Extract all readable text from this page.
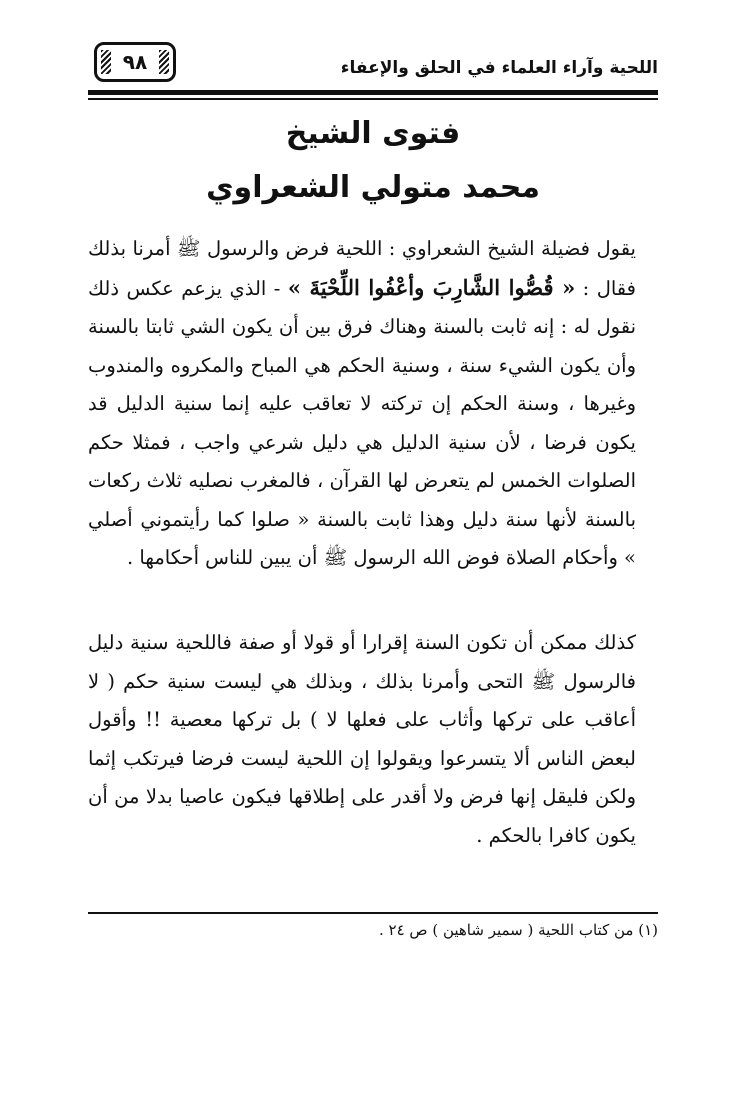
٩٨	اللحية وآراء العلماء في الحلق والإعفاء
فتوى الشيخ
محمد متولي الشعراوي

يقول فضيلة الشيخ الشعراوي : اللحية فرض والرسول ﷺ أمرنا بذلك فقال : « قُصُّوا الشَّارِبَ وأعْفُوا اللِّحْيَةَ » - الذي يزعم عكس ذلك نقول له : إنه ثابت بالسنة وهناك فرق بين أن يكون الشي ثابتا بالسنة وأن يكون الشيء سنة ، وسنية الحكم هي المباح والمكروه والمندوب وغيرها ، وسنة الحكم إن تركته لا تعاقب عليه إنما سنية الدليل قد يكون فرضا ، لأن سنية الدليل هي دليل شرعي واجب ، فمثلا حكم الصلوات الخمس لم يتعرض لها القرآن ، فالمغرب نصليه ثلاث ركعات بالسنة لأنها سنة دليل وهذا ثابت بالسنة « صلوا كما رأيتموني أصلي » وأحكام الصلاة فوض الله الرسول ﷺ أن يبين للناس أحكامها .

كذلك ممكن أن تكون السنة إقرارا أو قولا أو صفة فاللحية سنية دليل فالرسول ﷺ التحى وأمرنا بذلك ، وبذلك هي ليست سنية حكم ( لا أعاقب على تركها وأثاب على فعلها لا ) بل تركها معصية !! وأقول لبعض الناس ألا يتسرعوا ويقولوا إن اللحية ليست فرضا فيرتكب إثما ولكن فليقل إنها فرض ولا أقدر على إطلاقها فيكون عاصيا بدلا من أن يكون كافرا بالحكم .

(١) من كتاب اللحية ( سمير شاهين ) ص ٢٤ .
